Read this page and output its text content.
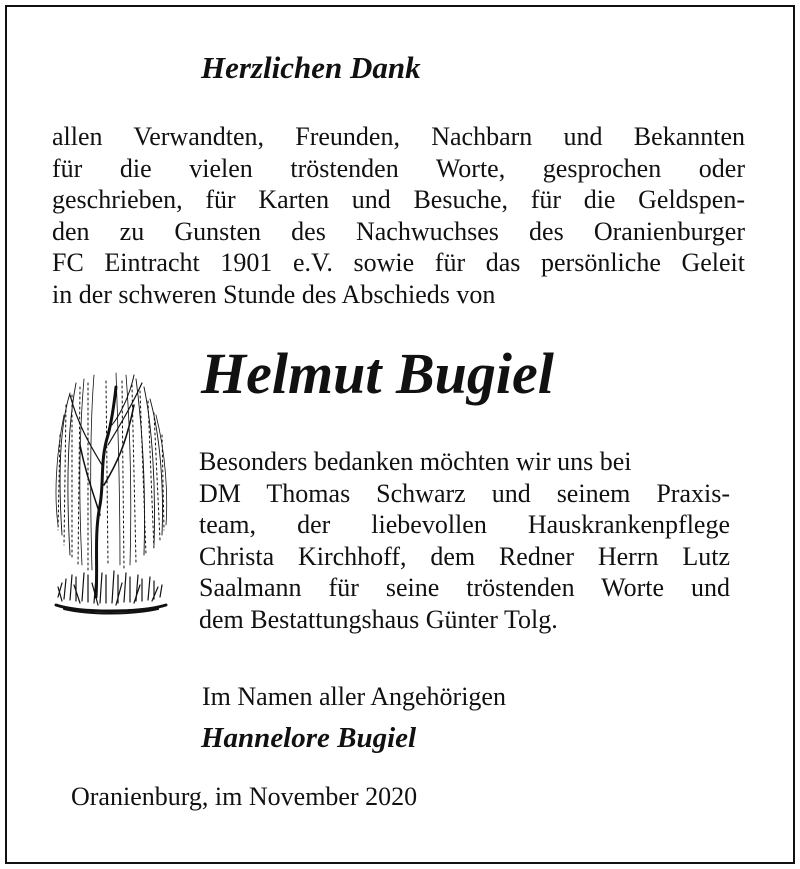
Herzlichen Dank
allen Verwandten, Freunden, Nachbarn und Bekannten
für die vielen tröstenden Worte, gesprochen oder
geschrieben, für Karten und Besuche, für die Geldspen-
den zu Gunsten des Nachwuchses des Oranienburger
FC Eintracht 1901 e.V. sowie für das persönliche Geleit
in der schweren Stunde des Abschieds von
Helmut Bugiel
Besonders bedanken möchten wir uns bei
DM Thomas Schwarz und seinem Praxis-
team, der liebevollen Hauskrankenpflege
Christa Kirchhoff, dem Redner Herrn Lutz
Saalmann für seine tröstenden Worte und
dem Bestattungshaus Günter Tolg.
Im Namen aller Angehörigen
Hannelore Bugiel
Oranienburg, im November 2020
